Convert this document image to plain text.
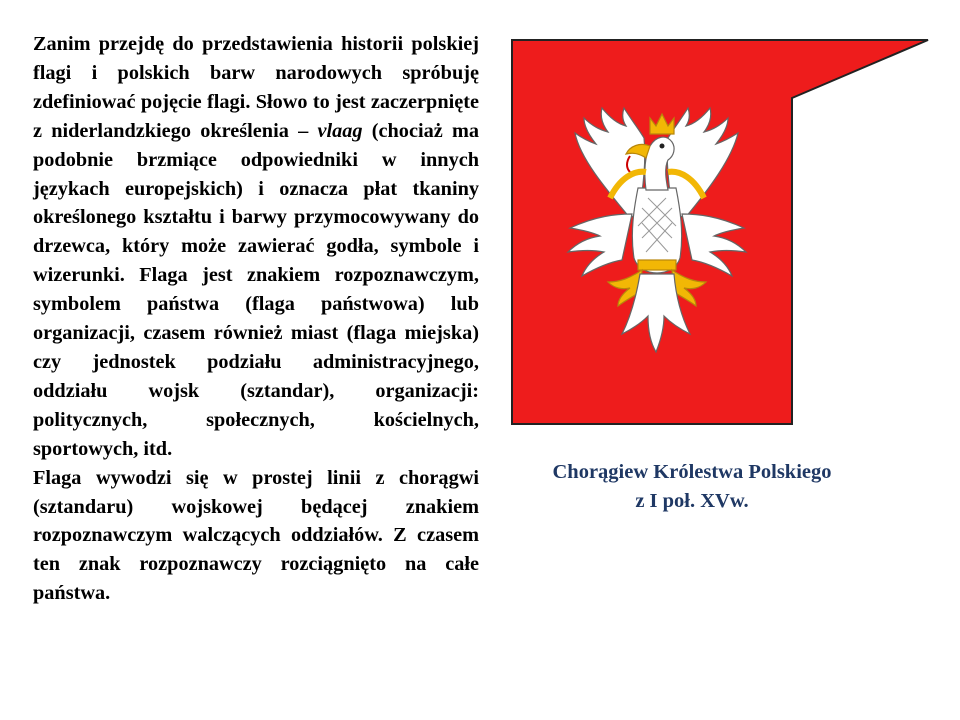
Zanim przejdę do przedstawienia historii polskiej flagi i polskich barw narodowych spróbuję zdefiniować pojęcie flagi. Słowo to jest zaczerpnięte z niderlandzkiego określenia – vlaag (chociaż ma podobnie brzmiące odpowiedniki w innych językach europejskich) i oznacza płat tkaniny określonego kształtu i barwy przymocowywany do drzewca, który może zawierać godła, symbole i wizerunki. Flaga jest znakiem rozpoznawczym, symbolem państwa (flaga państwowa) lub organizacji, czasem również miast (flaga miejska) czy jednostek podziału administracyjnego, oddziału wojsk (sztandar), organizacji: politycznych, społecznych, kościelnych, sportowych, itd.

Flaga wywodzi się w prostej linii z chorągwi (sztandaru) wojskowej będącej znakiem rozpoznawczym walczących oddziałów. Z czasem ten znak rozpoznawczy rozciągnięto na całe państwa.

Chorągiew Królestwa Polskiego
z I poł. XVw.
